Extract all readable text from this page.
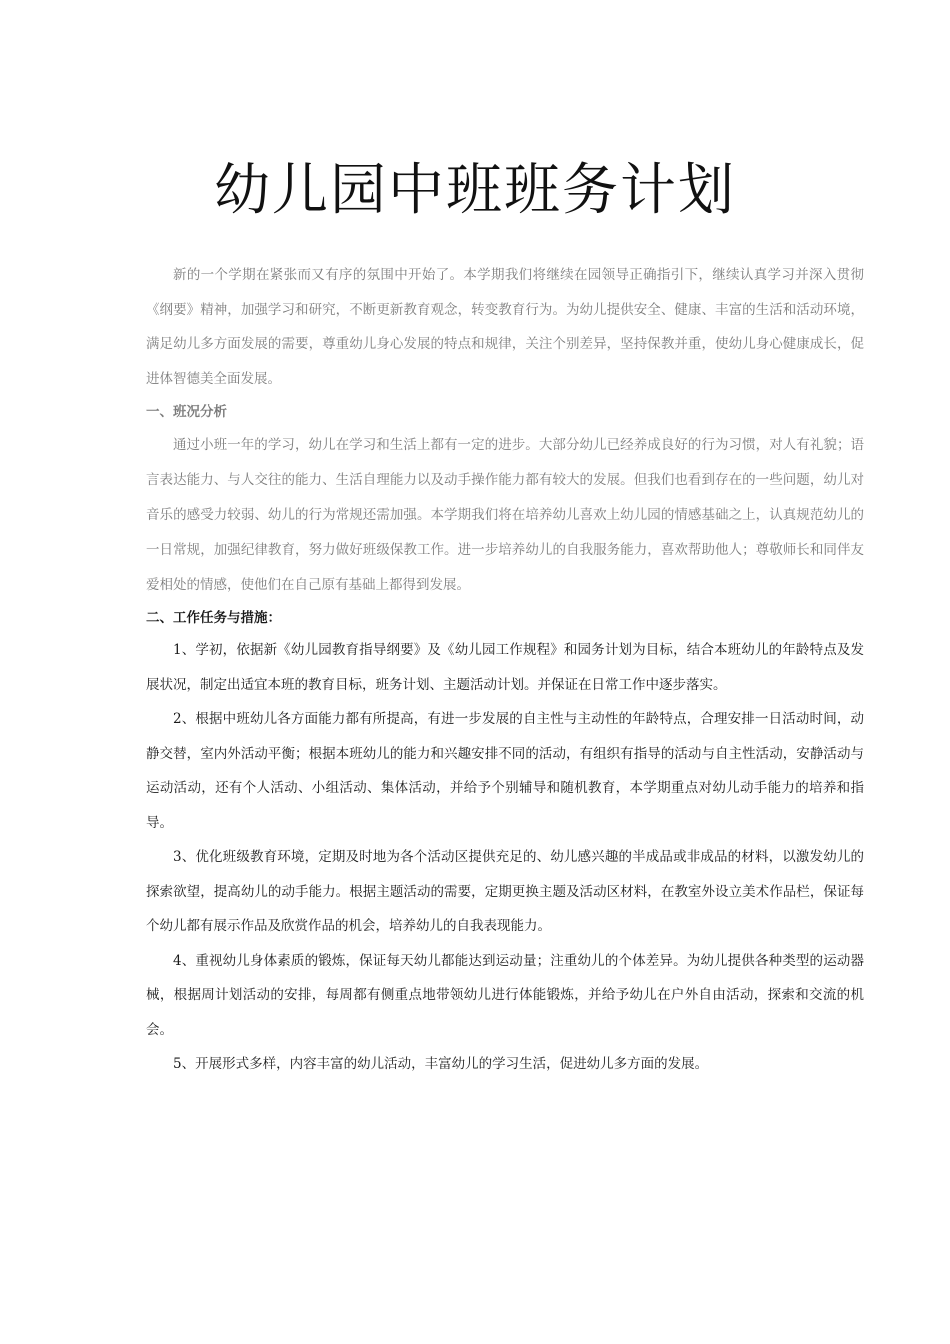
幼儿园中班班务计划

新的一个学期在紧张而又有序的氛围中开始了。本学期我们将继续在园领导正确指引下，继续认真学习并深入贯彻《纲要》精神，加强学习和研究，不断更新教育观念，转变教育行为。为幼儿提供安全、健康、丰富的生活和活动环境，满足幼儿多方面发展的需要，尊重幼儿身心发展的特点和规律，关注个别差异，坚持保教并重，使幼儿身心健康成长，促进体智德美全面发展。

一、班况分析

通过小班一年的学习，幼儿在学习和生活上都有一定的进步。大部分幼儿已经养成良好的行为习惯，对人有礼貌；语言表达能力、与人交往的能力、生活自理能力以及动手操作能力都有较大的发展。但我们也看到存在的一些问题，幼儿对音乐的感受力较弱、幼儿的行为常规还需加强。本学期我们将在培养幼儿喜欢上幼儿园的情感基础之上，认真规范幼儿的一日常规，加强纪律教育，努力做好班级保教工作。进一步培养幼儿的自我服务能力，喜欢帮助他人；尊敬师长和同伴友爱相处的情感，使他们在自己原有基础上都得到发展。

二、工作任务与措施：

1、学初，依据新《幼儿园教育指导纲要》及《幼儿园工作规程》和园务计划为目标，结合本班幼儿的年龄特点及发展状况，制定出适宜本班的教育目标，班务计划、主题活动计划。并保证在日常工作中逐步落实。

2、根据中班幼儿各方面能力都有所提高，有进一步发展的自主性与主动性的年龄特点，合理安排一日活动时间，动静交替，室内外活动平衡；根据本班幼儿的能力和兴趣安排不同的活动，有组织有指导的活动与自主性活动，安静活动与运动活动，还有个人活动、小组活动、集体活动，并给予个别辅导和随机教育，本学期重点对幼儿动手能力的培养和指导。

3、优化班级教育环境，定期及时地为各个活动区提供充足的、幼儿感兴趣的半成品或非成品的材料，以激发幼儿的探索欲望，提高幼儿的动手能力。根据主题活动的需要，定期更换主题及活动区材料，在教室外设立美术作品栏，保证每个幼儿都有展示作品及欣赏作品的机会，培养幼儿的自我表现能力。

4、重视幼儿身体素质的锻炼，保证每天幼儿都能达到运动量；注重幼儿的个体差异。为幼儿提供各种类型的运动器械，根据周计划活动的安排，每周都有侧重点地带领幼儿进行体能锻炼，并给予幼儿在户外自由活动，探索和交流的机会。

5、开展形式多样，内容丰富的幼儿活动，丰富幼儿的学习生活，促进幼儿多方面的发展。
